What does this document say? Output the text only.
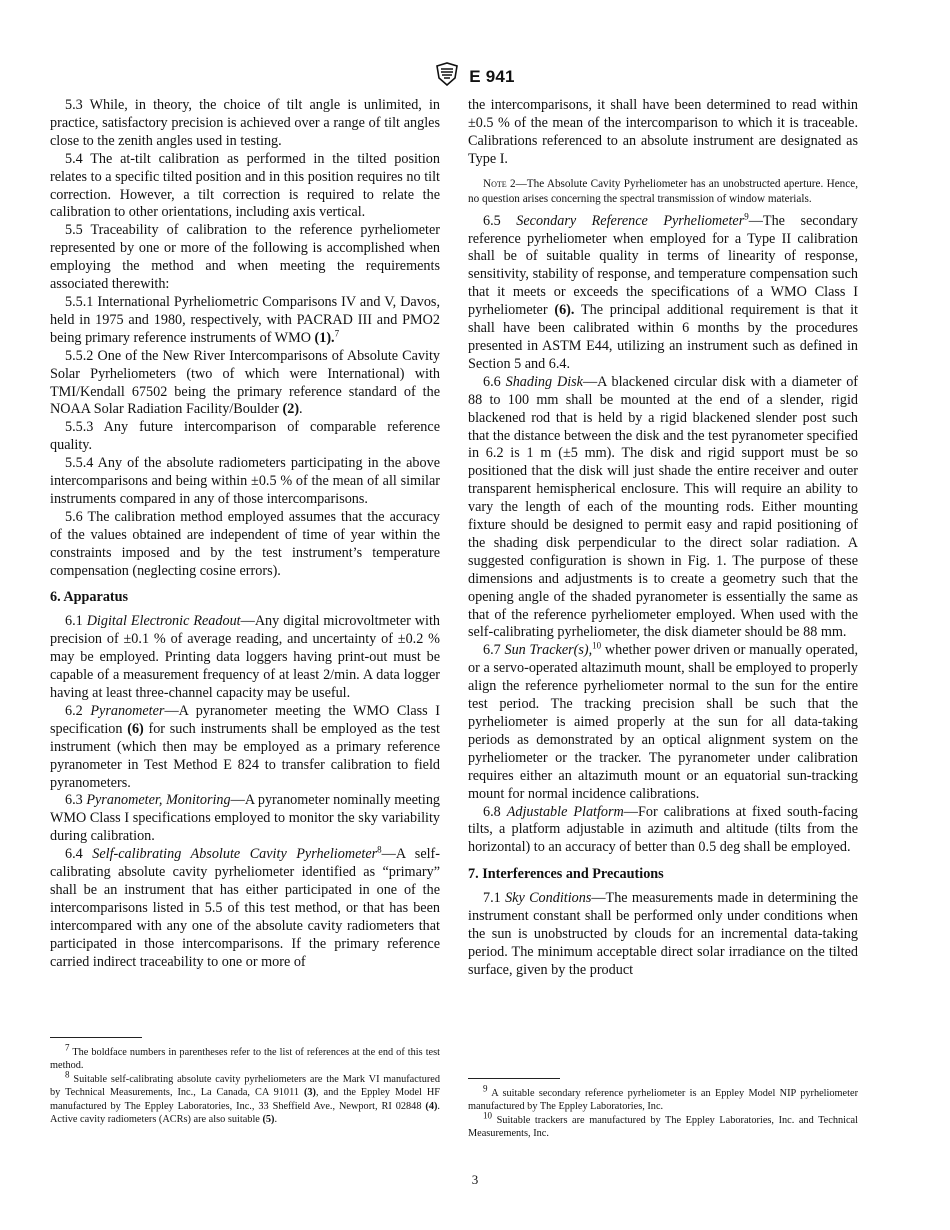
E 941

5.3 While, in theory, the choice of tilt angle is unlimited, in practice, satisfactory precision is achieved over a range of tilt angles close to the zenith angles used in testing.

5.4 The at-tilt calibration as performed in the tilted position relates to a specific tilted position and in this position requires no tilt correction. However, a tilt correction is required to relate the calibration to other orientations, including axis vertical.

5.5 Traceability of calibration to the reference pyrheliometer represented by one or more of the following is accomplished when employing the method and when meeting the requirements associated therewith:

5.5.1 International Pyrheliometric Comparisons IV and V, Davos, held in 1975 and 1980, respectively, with PACRAD III and PMO2 being primary reference instruments of WMO (1).$^7$

5.5.2 One of the New River Intercomparisons of Absolute Cavity Solar Pyrheliometers (two of which were International) with TMI/Kendall 67502 being the primary reference standard of the NOAA Solar Radiation Facility/Boulder (2).

5.5.3 Any future intercomparison of comparable reference quality.

5.5.4 Any of the absolute radiometers participating in the above intercomparisons and being within ±0.5 % of the mean of all similar instruments compared in any of those intercomparisons.

5.6 The calibration method employed assumes that the accuracy of the values obtained are independent of time of year within the constraints imposed and by the test instrument’s temperature compensation (neglecting cosine errors).

6. Apparatus

6.1 Digital Electronic Readout—Any digital microvoltmeter with precision of ±0.1 % of average reading, and uncertainty of ±0.2 % may be employed. Printing data loggers having print-out must be capable of a measurement frequency of at least 2/min. A data logger having at least three-channel capacity may be useful.

6.2 Pyranometer—A pyranometer meeting the WMO Class I specification (6) for such instruments shall be employed as the test instrument (which then may be employed as a primary reference pyranometer in Test Method E 824 to transfer calibration to field pyranometers.

6.3 Pyranometer, Monitoring—A pyranometer nominally meeting WMO Class I specifications employed to monitor the sky variability during calibration.

6.4 Self-calibrating Absolute Cavity Pyrheliometer$^8$—A self-calibrating absolute cavity pyrheliometer identified as “primary” shall be an instrument that has either participated in one of the intercomparisons listed in 5.5 of this test method, or that has been intercompared with any one of the absolute cavity radiometers that participated in those intercomparisons. If the primary reference carried indirect traceability to one or more of

$^7$ The boldface numbers in parentheses refer to the list of references at the end of this test method.

$^8$ Suitable self-calibrating absolute cavity pyrheliometers are the Mark VI manufactured by Technical Measurements, Inc., La Canada, CA 91011 (3), and the Eppley Model HF manufactured by The Eppley Laboratories, Inc., 33 Sheffield Ave., Newport, RI 02848 (4). Active cavity radiometers (ACRs) are also suitable (5).

the intercomparisons, it shall have been determined to read within ±0.5 % of the mean of the intercomparison to which it is traceable. Calibrations referenced to an absolute instrument are designated as Type I.

Note 2—The Absolute Cavity Pyrheliometer has an unobstructed aperture. Hence, no question arises concerning the spectral transmission of window materials.

6.5 Secondary Reference Pyrheliometer$^9$—The secondary reference pyrheliometer when employed for a Type II calibration shall be of suitable quality in terms of linearity of response, sensitivity, stability of response, and temperature compensation such that it meets or exceeds the specifications of a WMO Class I pyrheliometer (6). The principal additional requirement is that it shall have been calibrated within 6 months by the procedures presented in ASTM E44, utilizing an instrument such as defined in Section 5 and 6.4.

6.6 Shading Disk—A blackened circular disk with a diameter of 88 to 100 mm shall be mounted at the end of a slender, rigid blackened rod that is held by a rigid blackened slender post such that the distance between the disk and the test pyranometer specified in 6.2 is 1 m (±5 mm). The disk and rigid support must be so positioned that the disk will just shade the entire receiver and outer transparent hemispherical enclosure. This will require an ability to vary the length of each of the mounting rods. Either mounting fixture should be designed to permit easy and rapid positioning of the shading disk perpendicular to the direct solar radiation. A suggested configuration is shown in Fig. 1. The purpose of these dimensions and adjustments is to create a geometry such that the opening angle of the shaded pyranometer is essentially the same as that of the reference pyrheliometer employed. When used with the self-calibrating pyrheliometer, the disk diameter should be 88 mm.

6.7 Sun Tracker(s),$^{10}$ whether power driven or manually operated, or a servo-operated altazimuth mount, shall be employed to properly align the reference pyrheliometer normal to the sun for the entire test period. The tracking precision shall be such that the pyrheliometer is aimed properly at the sun for all data-taking periods as demonstrated by an optical alignment system on the pyrheliometer or the tracker. The pyranometer under calibration requires either an altazimuth mount or an equatorial sun-tracking mount for normal incidence calibrations.

6.8 Adjustable Platform—For calibrations at fixed south-facing tilts, a platform adjustable in azimuth and altitude (tilts from the horizontal) to an accuracy of better than 0.5 deg shall be employed.

7. Interferences and Precautions

7.1 Sky Conditions—The measurements made in determining the instrument constant shall be performed only under conditions when the sun is unobstructed by clouds for an incremental data-taking period. The minimum acceptable direct solar irradiance on the tilted surface, given by the product

$^9$ A suitable secondary reference pyrheliometer is an Eppley Model NIP pyrheliometer manufactured by The Eppley Laboratories, Inc.

$^{10}$ Suitable trackers are manufactured by The Eppley Laboratories, Inc. and Technical Measurements, Inc.

3
